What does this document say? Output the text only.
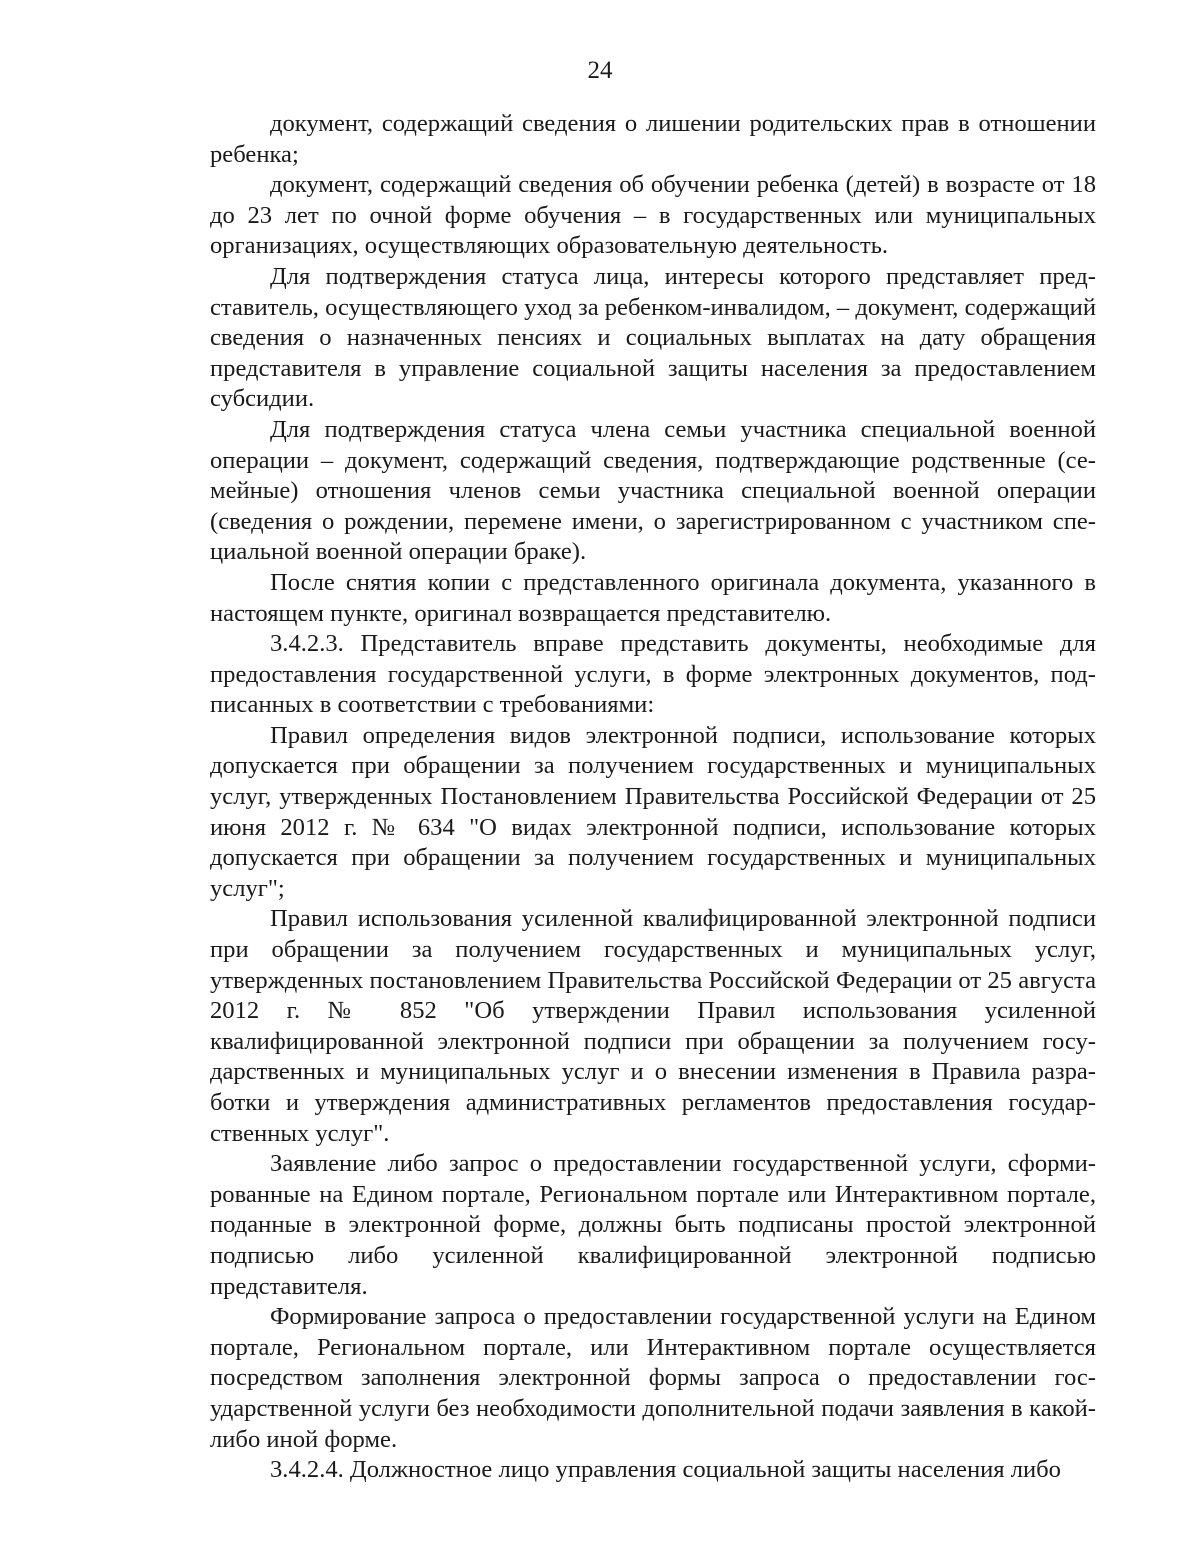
24

документ, содержащий сведения о лишении родительских прав в отношении ребенка;

документ, содержащий сведения об обучении ребенка (детей) в возрасте от 18 до 23 лет по очной форме обучения – в государственных или муниципальных организациях, осуществляющих образовательную деятельность.

Для подтверждения статуса лица, интересы которого представляет представитель, осуществляющего уход за ребенком-инвалидом, – документ, содержащий сведения о назначенных пенсиях и социальных выплатах на дату обращения представителя в управление социальной защиты населения за предоставлением субсидии.

Для подтверждения статуса члена семьи участника специальной военной операции – документ, содержащий сведения, подтверждающие родственные (семейные) отношения членов семьи участника специальной военной операции (сведения о рождении, перемене имени, о зарегистрированном с участником специальной военной операции браке).

После снятия копии с представленного оригинала документа, указанного в настоящем пункте, оригинал возвращается представителю.

3.4.2.3. Представитель вправе представить документы, необходимые для предоставления государственной услуги, в форме электронных документов, подписанных в соответствии с требованиями:

Правил определения видов электронной подписи, использование которых допускается при обращении за получением государственных и муниципальных услуг, утвержденных Постановлением Правительства Российской Федерации от 25 июня 2012 г. № 634 "О видах электронной подписи, использование которых допускается при обращении за получением государственных и муниципальных услуг";

Правил использования усиленной квалифицированной электронной подписи при обращении за получением государственных и муниципальных услуг, утвержденных постановлением Правительства Российской Федерации от 25 августа 2012 г. № 852 "Об утверждении Правил использования усиленной квалифицированной электронной подписи при обращении за получением государственных и муниципальных услуг и о внесении изменения в Правила разработки и утверждения административных регламентов предоставления государственных услуг".

Заявление либо запрос о предоставлении государственной услуги, сформированные на Едином портале, Региональном портале или Интерактивном портале, поданные в электронной форме, должны быть подписаны простой электронной подписью либо усиленной квалифицированной электронной подписью представителя.

Формирование запроса о предоставлении государственной услуги на Едином портале, Региональном портале, или Интерактивном портале осуществляется посредством заполнения электронной формы запроса о предоставлении государственной услуги без необходимости дополнительной подачи заявления в какой-либо иной форме.

3.4.2.4. Должностное лицо управления социальной защиты населения либо
